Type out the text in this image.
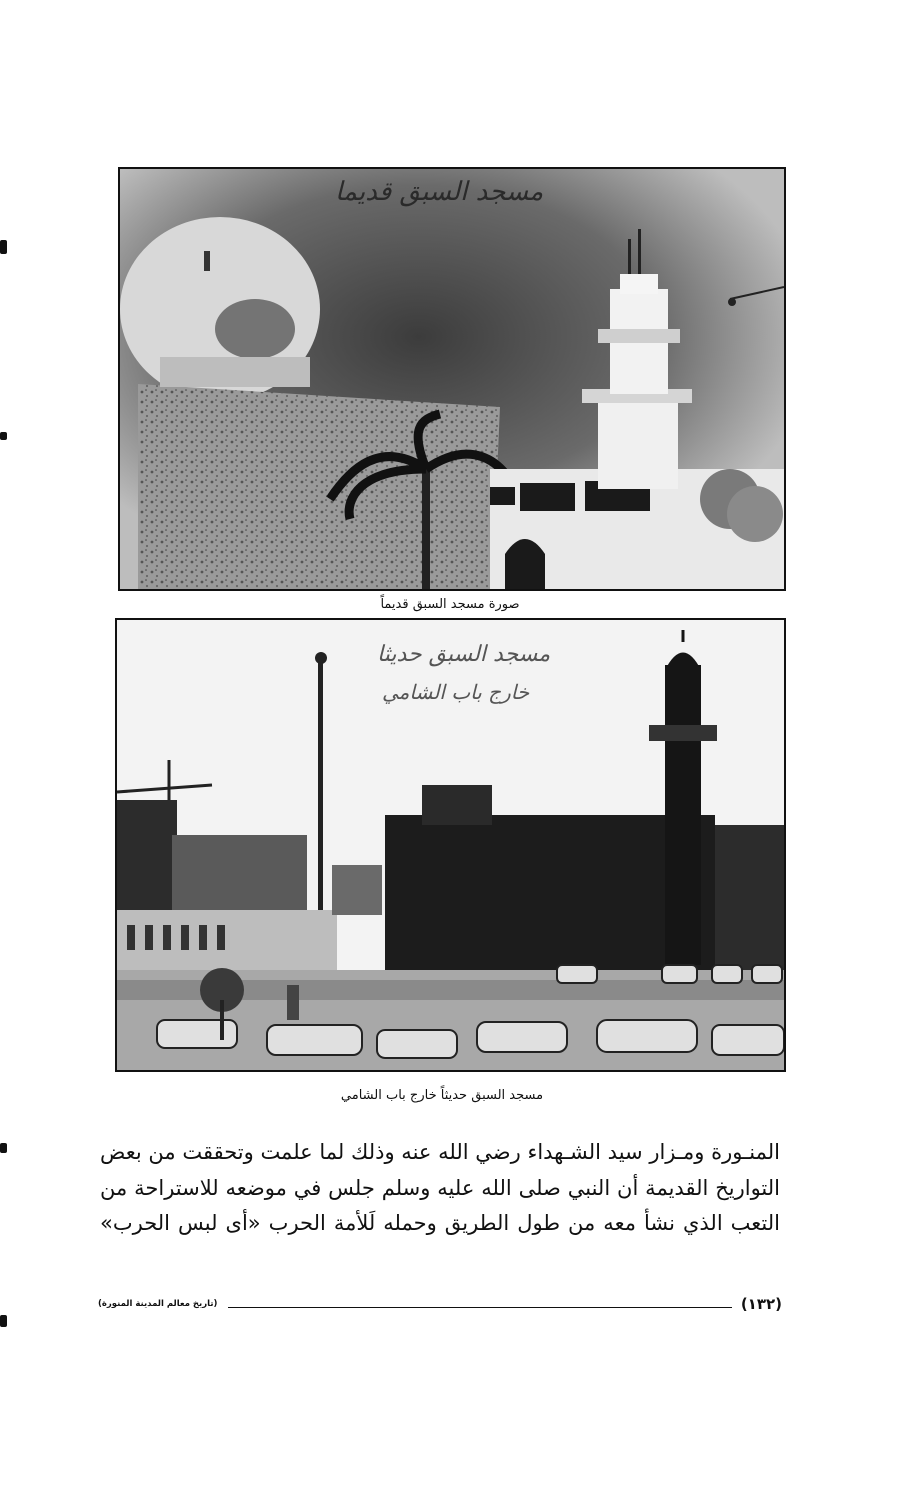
مسجد السبق قديما
صورة مسجد السبق قديماً
مسجد السبق حديثا
خارج باب الشامي
مسجد السبق حديثاً خارج باب الشامي
المنـورة ومـزار سيد الشـهداء رضي الله عنه وذلك لما علمت وتحققت من بعض
التواريخ القديمة أن النبي صلى الله عليه وسلم جلس في موضعه للاستراحة من
التعب الذي نشأ معه من طول الطريق وحمله لَلأمة الحرب «أى لبس الحرب»
(تاريخ معالم المدينة المنورة)	(١٣٢)
